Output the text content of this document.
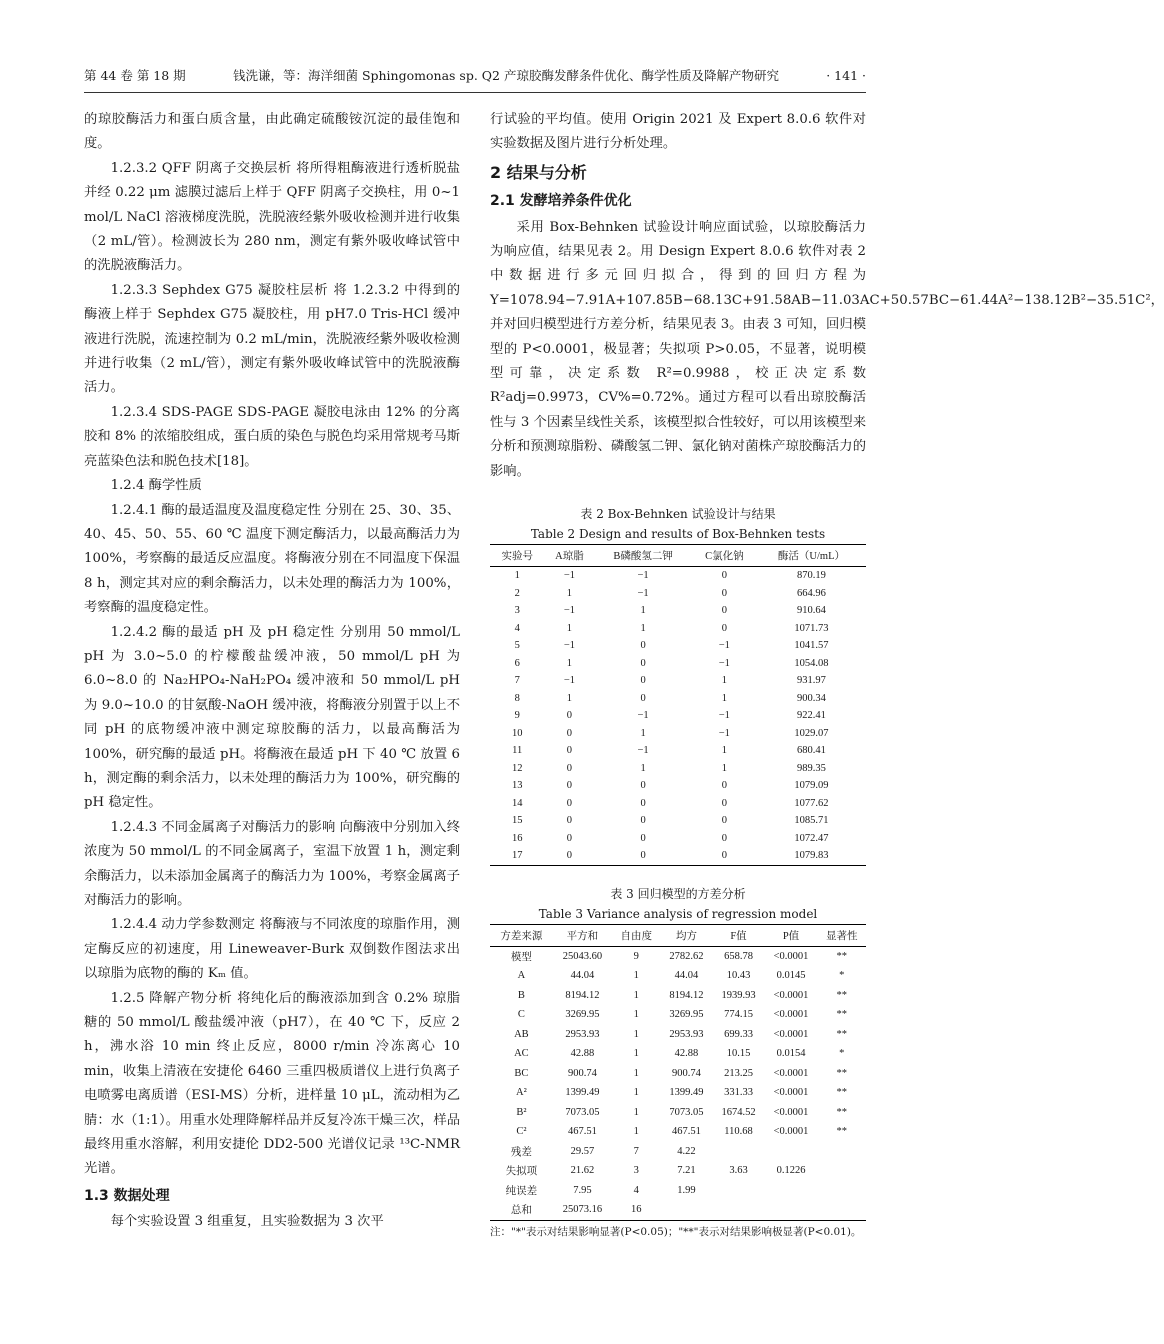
第 44 卷 第 18 期	钱洗谦，等：海洋细菌 Sphingomonas sp. Q2 产琼胶酶发酵条件优化、酶学性质及降解产物研究	· 141 ·

的琼胶酶活力和蛋白质含量，由此确定硫酸铵沉淀的最佳饱和度。

1.2.3.2 QFF 阴离子交换层析 将所得粗酶液进行透析脱盐并经 0.22 μm 滤膜过滤后上样于 QFF 阴离子交换柱，用 0~1 mol/L NaCl 溶液梯度洗脱，洗脱液经紫外吸收检测并进行收集（2 mL/管）。检测波长为 280 nm，测定有紫外吸收峰试管中的洗脱液酶活力。

1.2.3.3 Sephdex G75 凝胶柱层析 将 1.2.3.2 中得到的酶液上样于 Sephdex G75 凝胶柱，用 pH7.0 Tris-HCl 缓冲液进行洗脱，流速控制为 0.2 mL/min，洗脱液经紫外吸收检测并进行收集（2 mL/管），测定有紫外吸收峰试管中的洗脱液酶活力。

1.2.3.4 SDS-PAGE SDS-PAGE 凝胶电泳由 12% 的分离胶和 8% 的浓缩胶组成，蛋白质的染色与脱色均采用常规考马斯亮蓝染色法和脱色技术[18]。

1.2.4 酶学性质

1.2.4.1 酶的最适温度及温度稳定性 分别在 25、30、35、40、45、50、55、60 ℃ 温度下测定酶活力，以最高酶活力为 100%，考察酶的最适反应温度。将酶液分别在不同温度下保温 8 h，测定其对应的剩余酶活力，以未处理的酶活力为 100%，考察酶的温度稳定性。

1.2.4.2 酶的最适 pH 及 pH 稳定性 分别用 50 mmol/L pH 为 3.0~5.0 的柠檬酸盐缓冲液，50 mmol/L pH 为 6.0~8.0 的 Na₂HPO₄-NaH₂PO₄ 缓冲液和 50 mmol/L pH 为 9.0~10.0 的甘氨酸-NaOH 缓冲液，将酶液分别置于以上不同 pH 的底物缓冲液中测定琼胶酶的活力，以最高酶活为 100%，研究酶的最适 pH。将酶液在最适 pH 下 40 ℃ 放置 6 h，测定酶的剩余活力，以未处理的酶活力为 100%，研究酶的 pH 稳定性。

1.2.4.3 不同金属离子对酶活力的影响 向酶液中分别加入终浓度为 50 mmol/L 的不同金属离子，室温下放置 1 h，测定剩余酶活力，以未添加金属离子的酶活力为 100%，考察金属离子对酶活力的影响。

1.2.4.4 动力学参数测定 将酶液与不同浓度的琼脂作用，测定酶反应的初速度，用 Lineweaver-Burk 双倒数作图法求出以琼脂为底物的酶的 Kₘ 值。

1.2.5 降解产物分析 将纯化后的酶液添加到含 0.2% 琼脂糖的 50 mmol/L 酸盐缓冲液（pH7），在 40 ℃ 下，反应 2 h，沸水浴 10 min 终止反应，8000 r/min 冷冻离心 10 min，收集上清液在安捷伦 6460 三重四极质谱仪上进行负离子电喷雾电离质谱（ESI-MS）分析，进样量 10 μL，流动相为乙腈：水（1:1）。用重水处理降解样品并反复冷冻干燥三次，样品最终用重水溶解，利用安捷伦 DD2-500 光谱仪记录 ¹³C-NMR 光谱。

1.3 数据处理

每个实验设置 3 组重复，且实验数据为 3 次平

行试验的平均值。使用 Origin 2021 及 Expert 8.0.6 软件对实验数据及图片进行分析处理。

2 结果与分析

2.1 发酵培养条件优化

采用 Box-Behnken 试验设计响应面试验，以琼胶酶活力为响应值，结果见表 2。用 Design Expert 8.0.6 软件对表 2 中数据进行多元回归拟合，得到的回归方程为 Y=1078.94−7.91A+107.85B−68.13C+91.58AB−11.03AC+50.57BC−61.44A²−138.12B²−35.51C²，并对回归模型进行方差分析，结果见表 3。由表 3 可知，回归模型的 P<0.0001，极显著；失拟项 P>0.05，不显著，说明模型可靠，决定系数 R²=0.9988，校正决定系数 R²adj=0.9973，CV%=0.72%。通过方程可以看出琼胶酶活性与 3 个因素呈线性关系，该模型拟合性较好，可以用该模型来分析和预测琼脂粉、磷酸氢二钾、氯化钠对菌株产琼胶酶活力的影响。

表 2 Box-Behnken 试验设计与结果

Table 2 Design and results of Box-Behnken tests

实验号	A琼脂	B磷酸氢二钾	C氯化钠	酶活（U/mL）
1	−1	−1	0	870.19
2	1	−1	0	664.96
3	−1	1	0	910.64
4	1	1	0	1071.73
5	−1	0	−1	1041.57
6	1	0	−1	1054.08
7	−1	0	1	931.97
8	1	0	1	900.34
9	0	−1	−1	922.41
10	0	1	−1	1029.07
11	0	−1	1	680.41
12	0	1	1	989.35
13	0	0	0	1079.09
14	0	0	0	1077.62
15	0	0	0	1085.71
16	0	0	0	1072.47
17	0	0	0	1079.83

表 3 回归模型的方差分析

Table 3 Variance analysis of regression model

方差来源	平方和	自由度	均方	F值	P值	显著性
模型	25043.60	9	2782.62	658.78	<0.0001	**
A	44.04	1	44.04	10.43	0.0145	*
B	8194.12	1	8194.12	1939.93	<0.0001	**
C	3269.95	1	3269.95	774.15	<0.0001	**
AB	2953.93	1	2953.93	699.33	<0.0001	**
AC	42.88	1	42.88	10.15	0.0154	*
BC	900.74	1	900.74	213.25	<0.0001	**
A²	1399.49	1	1399.49	331.33	<0.0001	**
B²	7073.05	1	7073.05	1674.52	<0.0001	**
C²	467.51	1	467.51	110.68	<0.0001	**
残差	29.57	7	4.22			
失拟项	21.62	3	7.21	3.63	0.1226	
纯误差	7.95	4	1.99			
总和	25073.16	16				

注："*"表示对结果影响显著(P<0.05)；"**"表示对结果影响极显著(P<0.01)。
